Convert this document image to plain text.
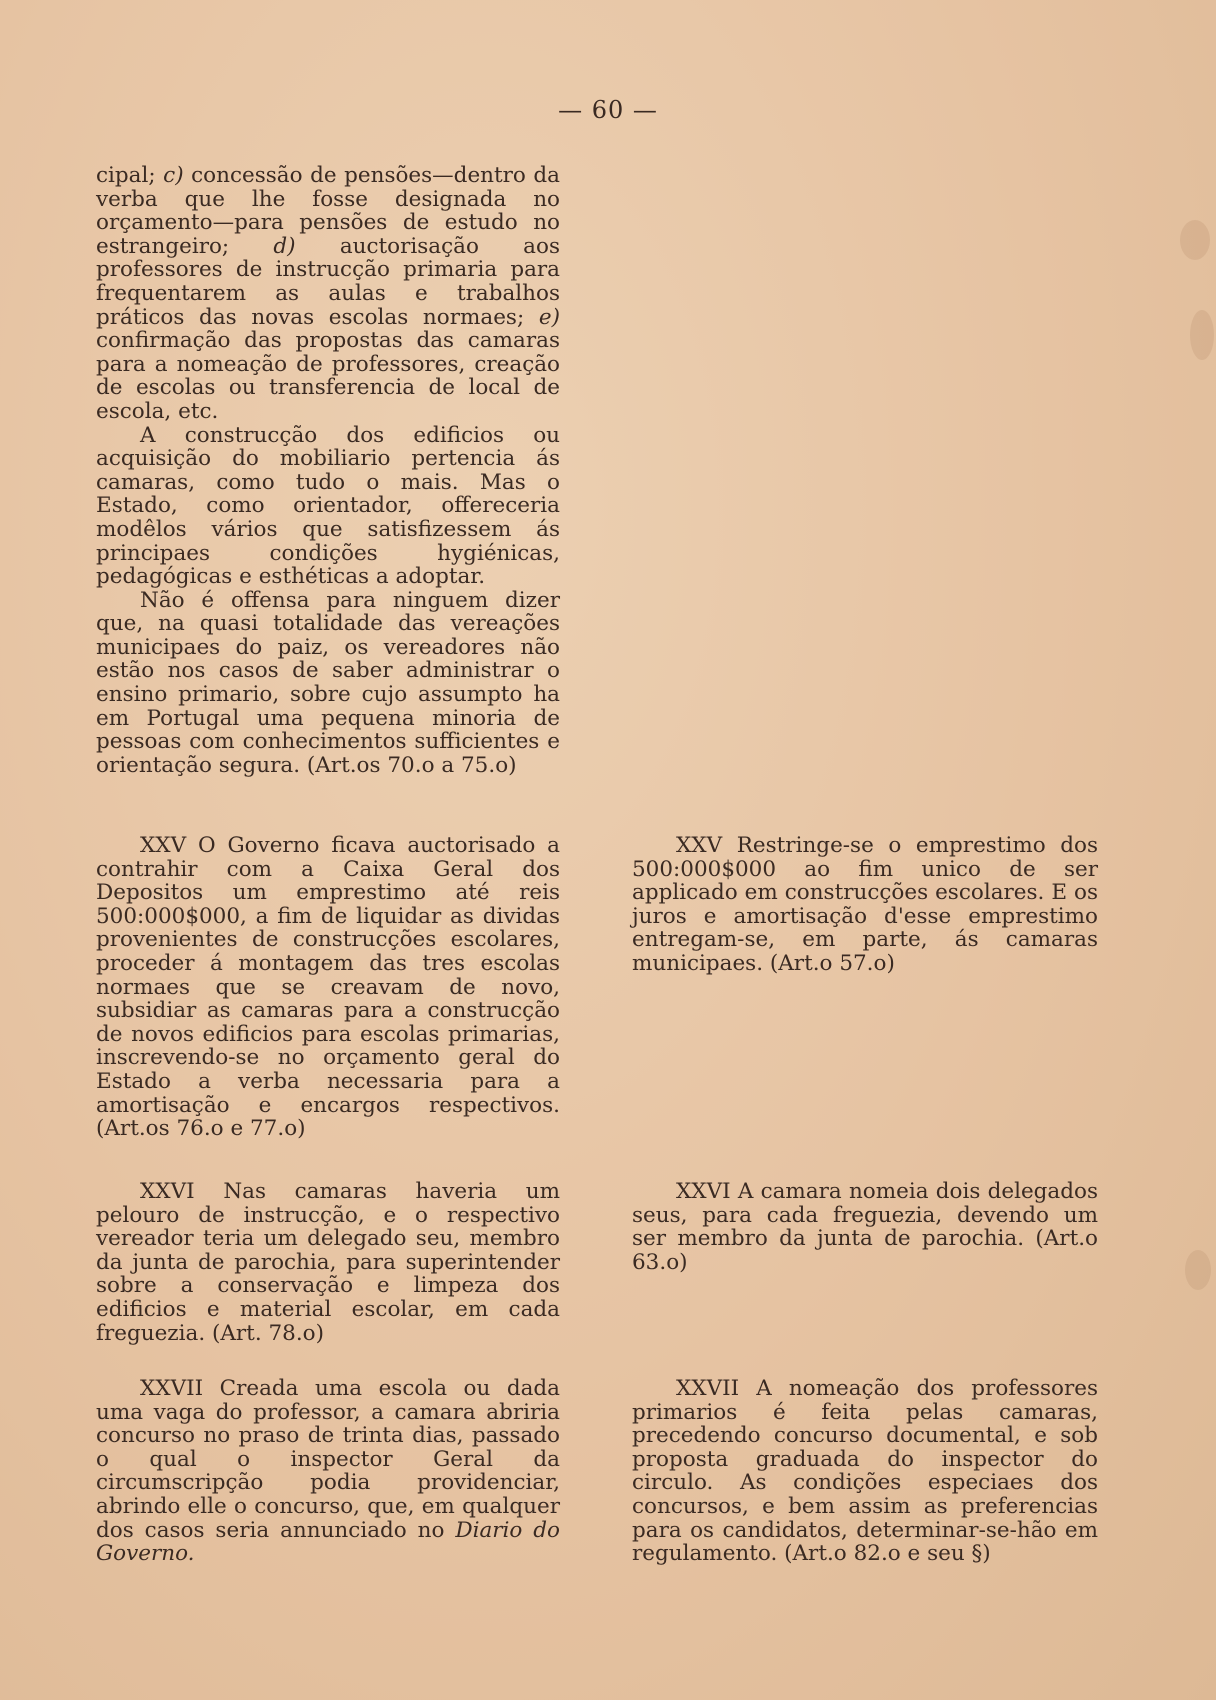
— 60 —

cipal; c) concessão de pensões—dentro da verba que lhe fosse designada no orçamento—para pensões de estudo no estrangeiro; d) auctorisação aos professores de instrucção primaria para frequentarem as aulas e trabalhos práticos das novas escolas normaes; e) confirmação das propostas das camaras para a nomeação de professores, creação de escolas ou transferencia de local de escola, etc.

A construcção dos edificios ou acquisição do mobiliario pertencia ás camaras, como tudo o mais. Mas o Estado, como orientador, offereceria modêlos vários que satisfizessem ás principaes condições hygiénicas, pedagógicas e esthéticas a adoptar.

Não é offensa para ninguem dizer que, na quasi totalidade das vereações municipaes do paiz, os vereadores não estão nos casos de saber administrar o ensino primario, sobre cujo assumpto ha em Portugal uma pequena minoria de pessoas com conhecimentos sufficientes e orientação segura. (Art.os 70.o a 75.o)

XXV O Governo ficava auctorisado a contrahir com a Caixa Geral dos Depositos um emprestimo até reis 500:000$000, a fim de liquidar as dividas provenientes de construcções escolares, proceder á montagem das tres escolas normaes que se creavam de novo, subsidiar as camaras para a construcção de novos edificios para escolas primarias, inscrevendo-se no orçamento geral do Estado a verba necessaria para a amortisação e encargos respectivos. (Art.os 76.o e 77.o)

XXVI Nas camaras haveria um pelouro de instrucção, e o respectivo vereador teria um delegado seu, membro da junta de parochia, para superintender sobre a conservação e limpeza dos edificios e material escolar, em cada freguezia. (Art. 78.o)

XXVII Creada uma escola ou dada uma vaga do professor, a camara abriria concurso no praso de trinta dias, passado o qual o inspector Geral da circumscripção podia providenciar, abrindo elle o concurso, que, em qualquer dos casos seria annunciado no Diario do Governo.

XXV Restringe-se o emprestimo dos 500:000$000 ao fim unico de ser applicado em construcções escolares. E os juros e amortisação d'esse emprestimo entregam-se, em parte, ás camaras municipaes. (Art.o 57.o)

XXVI A camara nomeia dois delegados seus, para cada freguezia, devendo um ser membro da junta de parochia. (Art.o 63.o)

XXVII A nomeação dos professores primarios é feita pelas camaras, precedendo concurso documental, e sob proposta graduada do inspector do circulo. As condições especiaes dos concursos, e bem assim as preferencias para os candidatos, determinar-se-hão em regulamento. (Art.o 82.o e seu §)
